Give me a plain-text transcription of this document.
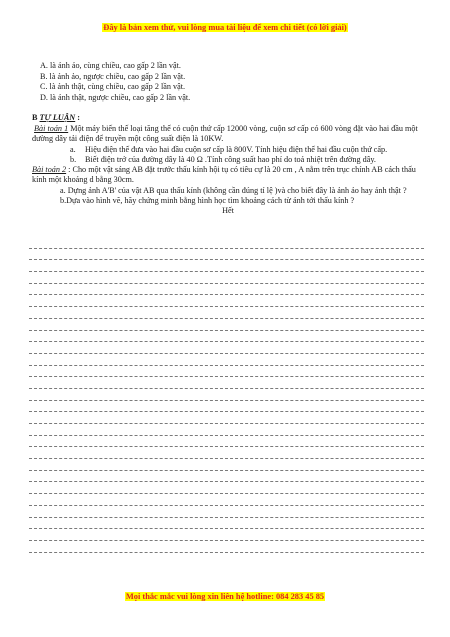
Đây là bản xem thử, vui lòng mua tài liệu để xem chi tiết (có lời giải)
A. là ảnh ảo, cùng chiều, cao gấp 2 lần vật.
B. là ảnh ảo, ngược chiều, cao gấp 2 lần vật.
C. là ảnh thật, cùng chiều, cao gấp 2 lần vật.
D. là ảnh thật, ngược chiều, cao gấp 2 lần vật.
B TỰ LUẬN :

Bài toán 1 Một máy biến thế loại tăng thế có cuộn thứ cấp 12000 vòng, cuộn sơ cấp có 600 vòng đặt vào hai đầu một đường dây tải điện để truyền một công suất điện là 10KW.

a. Hiệu điện thế đưa vào hai đầu cuộn sơ cấp là 800V. Tính hiệu điện thế hai đầu cuộn thứ cấp.

b. Biết điện trở của đường dây là 40 Ω .Tính công suất hao phí do toả nhiệt trên đường dây.

Bài toán 2 : Cho một vật sáng AB đặt trước thấu kính hội tụ có tiêu cự là 20 cm , A nằm trên trục chính AB cách thấu kính một khoảng d bằng 30cm.

a. Dựng ảnh A'B' của vật AB qua thấu kính (không cần đúng tỉ lệ )và cho biết đây là ảnh ảo hay ảnh thật ?

b.Dựa vào hình vẽ, hãy chứng minh bằng hình học tìm khoảng cách từ ảnh tới thấu kính ?

Hết

Mọi thắc mắc vui lòng xin liên hệ hotline: 084 283 45 85
